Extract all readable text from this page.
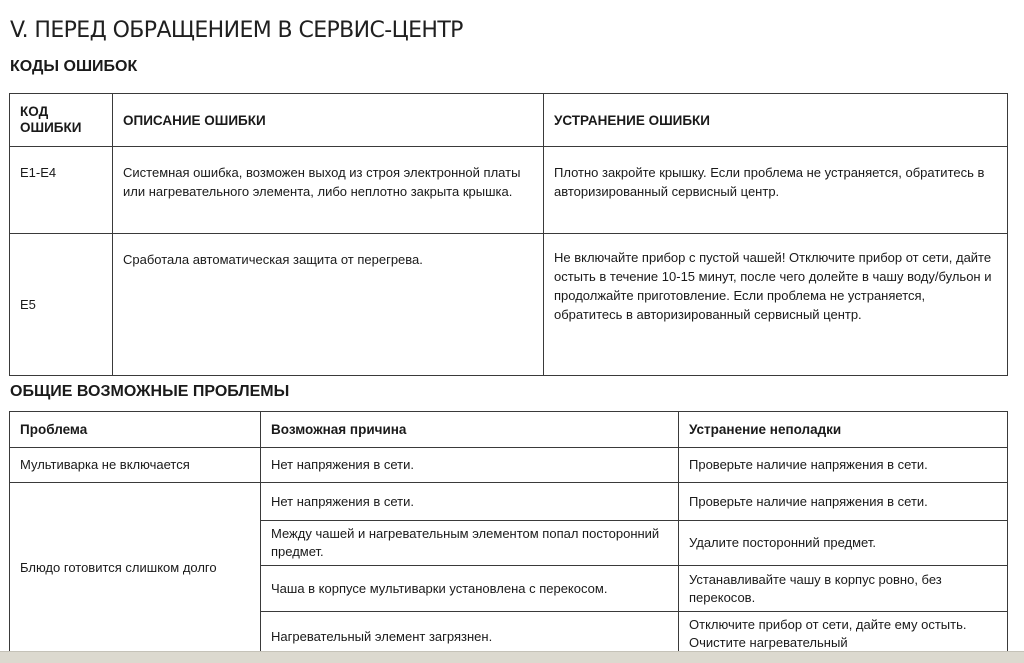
V. ПЕРЕД ОБРАЩЕНИЕМ В СЕРВИС-ЦЕНТР
КОДЫ ОШИБОК
КОД ОШИБКИ	ОПИСАНИЕ ОШИБКИ	УСТРАНЕНИЕ ОШИБКИ
E1-E4	Системная ошибка, возможен выход из строя электронной платы или нагревательного элемента, либо неплотно закрыта крышка.	Плотно закройте крышку. Если проблема не устраняется, обратитесь в авторизированный сервисный центр.
E5	Сработала автоматическая защита от перегрева.	Не включайте прибор с пустой чашей! Отключите прибор от сети, дайте остыть в течение 10-15 минут, после чего долейте в чашу воду/бульон и продолжайте приготовление. Если проблема не устраняется, обратитесь в авторизированный сервисный центр.
ОБЩИЕ ВОЗМОЖНЫЕ ПРОБЛЕМЫ
Проблема	Возможная причина	Устранение неполадки
Мультиварка не включается	Нет напряжения в сети.	Проверьте наличие напряжения в сети.
Блюдо готовится слишком долго	Нет напряжения в сети.	Проверьте наличие напряжения в сети.
	Между чашей и нагревательным элементом попал посторонний предмет.	Удалите посторонний предмет.
	Чаша в корпусе мультиварки установлена с перекосом.	Устанавливайте чашу в корпус ровно, без перекосов.
	Нагревательный элемент загрязнен.	Отключите прибор от сети, дайте ему остыть. Очистите нагревательный
